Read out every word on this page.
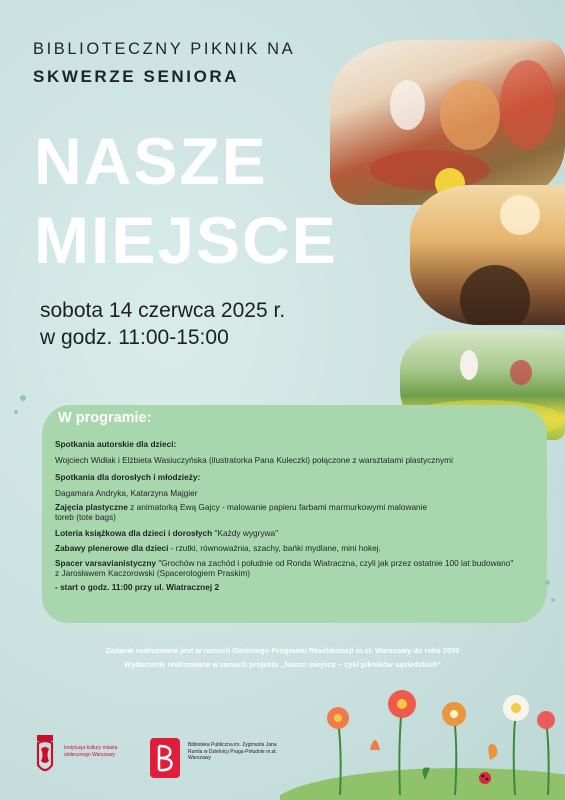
BIBLIOTECZNY PIKNIK NA
SKWERZE SENIORA
NASZE
MIEJSCE
sobota 14 czerwca 2025 r.
w godz. 11:00-15:00
W programie:
Spotkania autorskie dla dzieci:
Wojciech Widłak i Elżbieta Wasiuczyńska (ilustratorka Pana Kuleczki) połączone z warsztatami plastycznymi
Spotkania dla dorosłych i młodzieży:
Dagamara Andryka, Katarzyna Majgier
Zajęcia plastyczne z animatorką Ewą Gajcy - malowanie papieru farbami marmurkowymi malowanie toreb (tote bags)
Loteria książkowa dla dzieci i dorosłych "Każdy wygrywa"
Zabawy plenerowe dla dzieci - rzutki, równoważnia, szachy, bańki mydlane, mini hokej.
Spacer varsavianistyczny "Grochów na zachód i południe od Ronda Wiatraczna, czyli jak przez ostatnie 100 lat budowano" z Jarosławem Kaczorowski (Spacerologiem Praskim)
- start o godz. 11:00 przy ul. Wiatracznej 2
Zadanie realizowane jest w ramach Gminnego Programu Rewitalizacji m.st. Warszawy do roku 2030
Wydarzenie realizowane w ramach projektu „Nasze miejsce – cykl pikników sąsiedzkich”
Instytucja kultury miasta stołecznego Warszawy
Biblioteka Publiczna im. Zygmunta Jana Rumla w Dzielnicy Praga-Południe m.st. Warszawy
